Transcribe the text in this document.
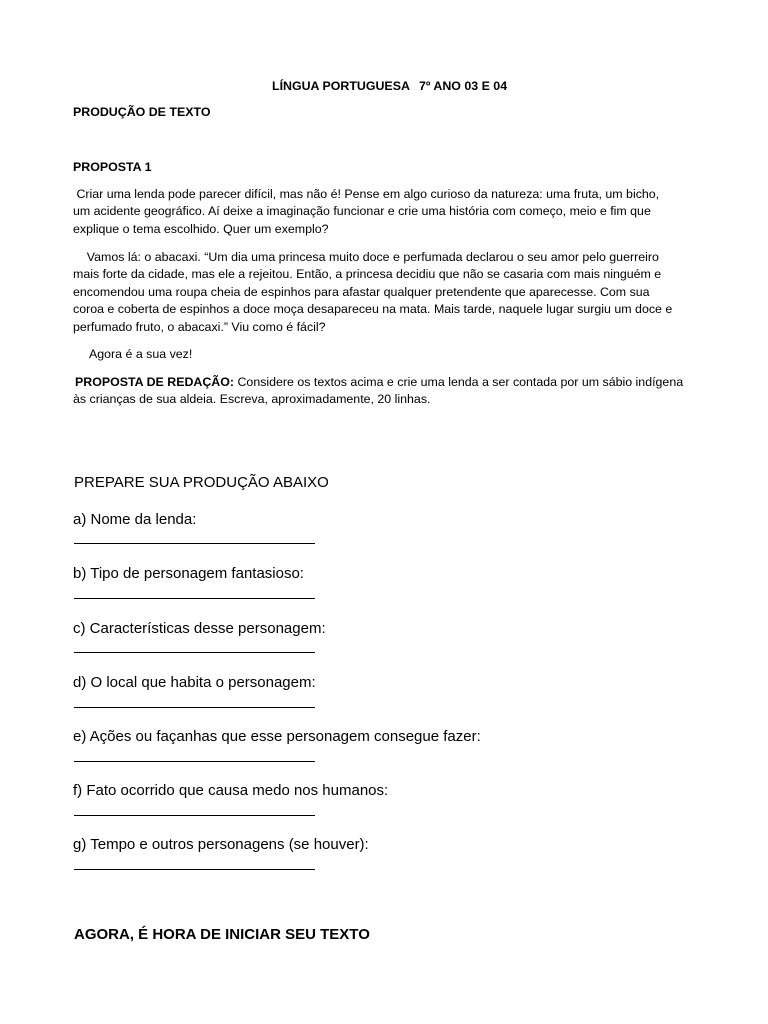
LÍNGUA PORTUGUESA 7º ANO 03 E 04
PRODUÇÃO DE TEXTO
PROPOSTA 1
Criar uma lenda pode parecer difícil, mas não é! Pense em algo curioso da natureza: uma fruta, um bicho,
um acidente geográfico. Aí deixe a imaginação funcionar e crie uma história com começo, meio e fim que
explique o tema escolhido. Quer um exemplo?
Vamos lá: o abacaxi. “Um dia uma princesa muito doce e perfumada declarou o seu amor pelo guerreiro
mais forte da cidade, mas ele a rejeitou. Então, a princesa decidiu que não se casaria com mais ninguém e
encomendou uma roupa cheia de espinhos para afastar qualquer pretendente que aparecesse. Com sua
coroa e coberta de espinhos a doce moça desapareceu na mata. Mais tarde, naquele lugar surgiu um doce e
perfumado fruto, o abacaxi.” Viu como é fácil?
Agora é a sua vez!
PROPOSTA DE REDAÇÃO: Considere os textos acima e crie uma lenda a ser contada por um sábio indígena
às crianças de sua aldeia. Escreva, aproximadamente, 20 linhas.
PREPARE SUA PRODUÇÃO ABAIXO
a) Nome da lenda:
b) Tipo de personagem fantasioso:
c) Características desse personagem:
d) O local que habita o personagem:
e) Ações ou façanhas que esse personagem consegue fazer:
f) Fato ocorrido que causa medo nos humanos:
g) Tempo e outros personagens (se houver):
AGORA, É HORA DE INICIAR SEU TEXTO
